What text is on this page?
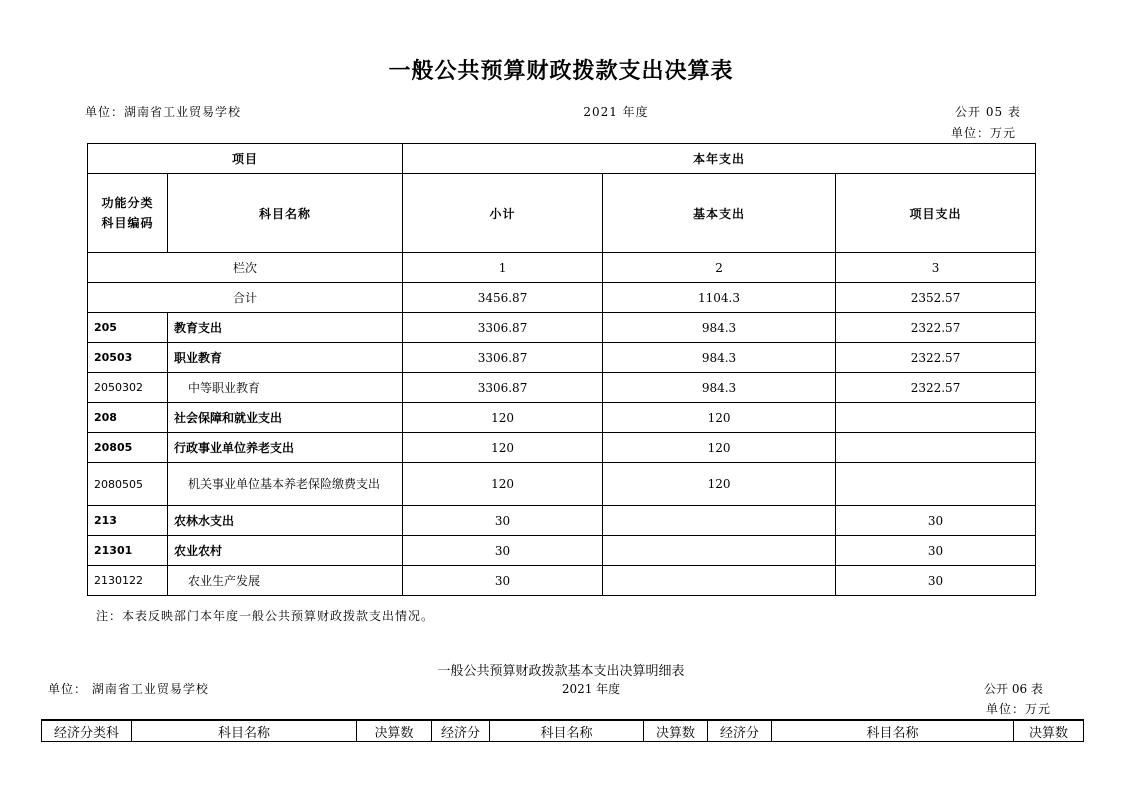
一般公共预算财政拨款支出决算表
单位：湖南省工业贸易学校	2021 年度	公开 05 表
单位：万元
项目		本年支出		
功能分类
科目编码	科目名称	小计	基本支出	项目支出
栏次		1	2	3
合计		3456.87	1104.3	2352.57
205	教育支出	3306.87	984.3	2322.57
20503	职业教育	3306.87	984.3	2322.57
2050302	中等职业教育	3306.87	984.3	2322.57
208	社会保障和就业支出	120	120	
20805	行政事业单位养老支出	120	120	
2080505	机关事业单位基本养老保险缴费支出	120	120	
213	农林水支出	30		30
21301	农业农村	30		30
2130122	农业生产发展	30		30
注：本表反映部门本年度一般公共预算财政拨款支出情况。
一般公共预算财政拨款基本支出决算明细表
单位： 湖南省工业贸易学校	2021 年度	公开 06 表
单位：万元
经济分类科	科目名称	决算数	经济分	科目名称	决算数	经济分	科目名称	决算数
